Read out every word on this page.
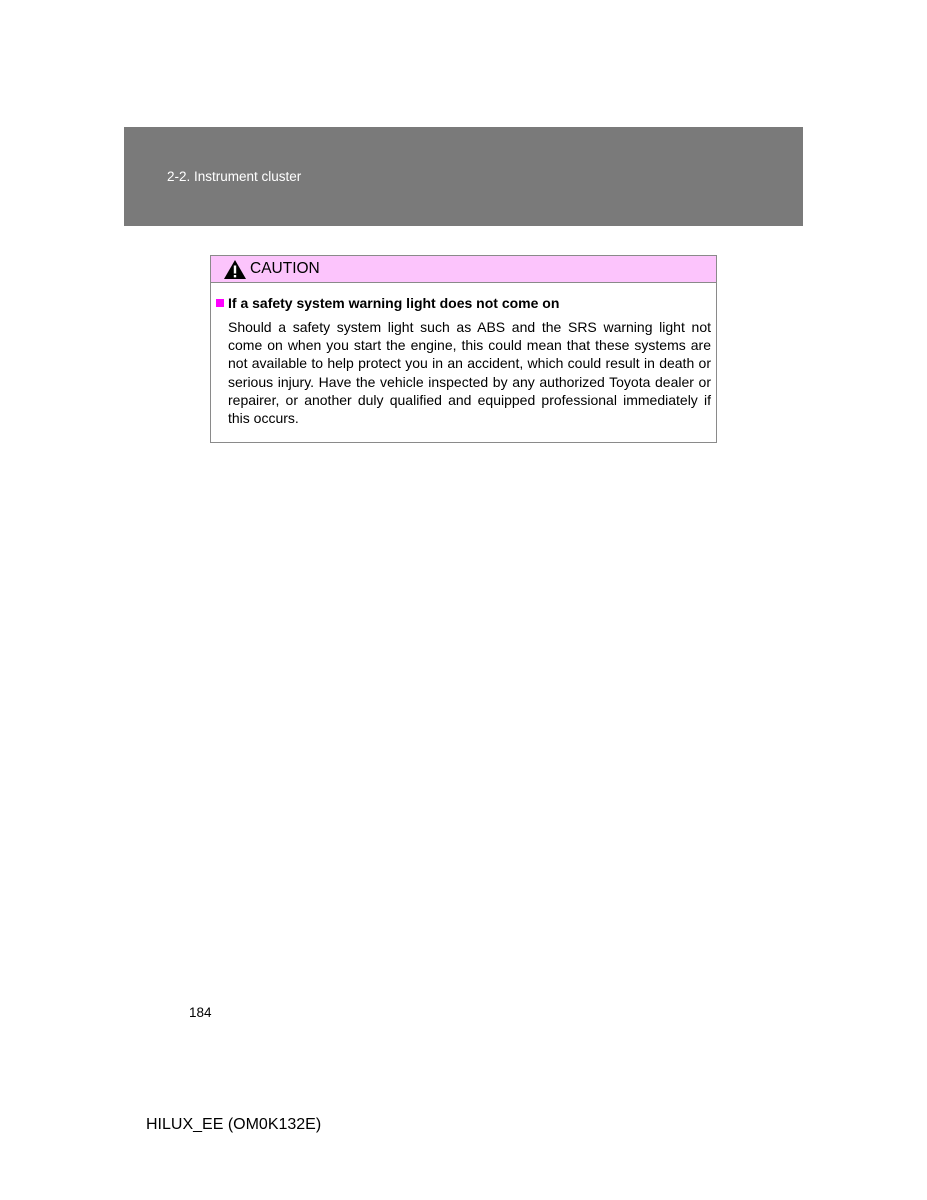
2-2. Instrument cluster
CAUTION
If a safety system warning light does not come on

Should a safety system light such as ABS and the SRS warning light not come on when you start the engine, this could mean that these systems are not available to help protect you in an accident, which could result in death or serious injury. Have the vehicle inspected by any authorized Toyota dealer or repairer, or another duly qualified and equipped professional immediately if this occurs.

184
HILUX_EE (OM0K132E)
